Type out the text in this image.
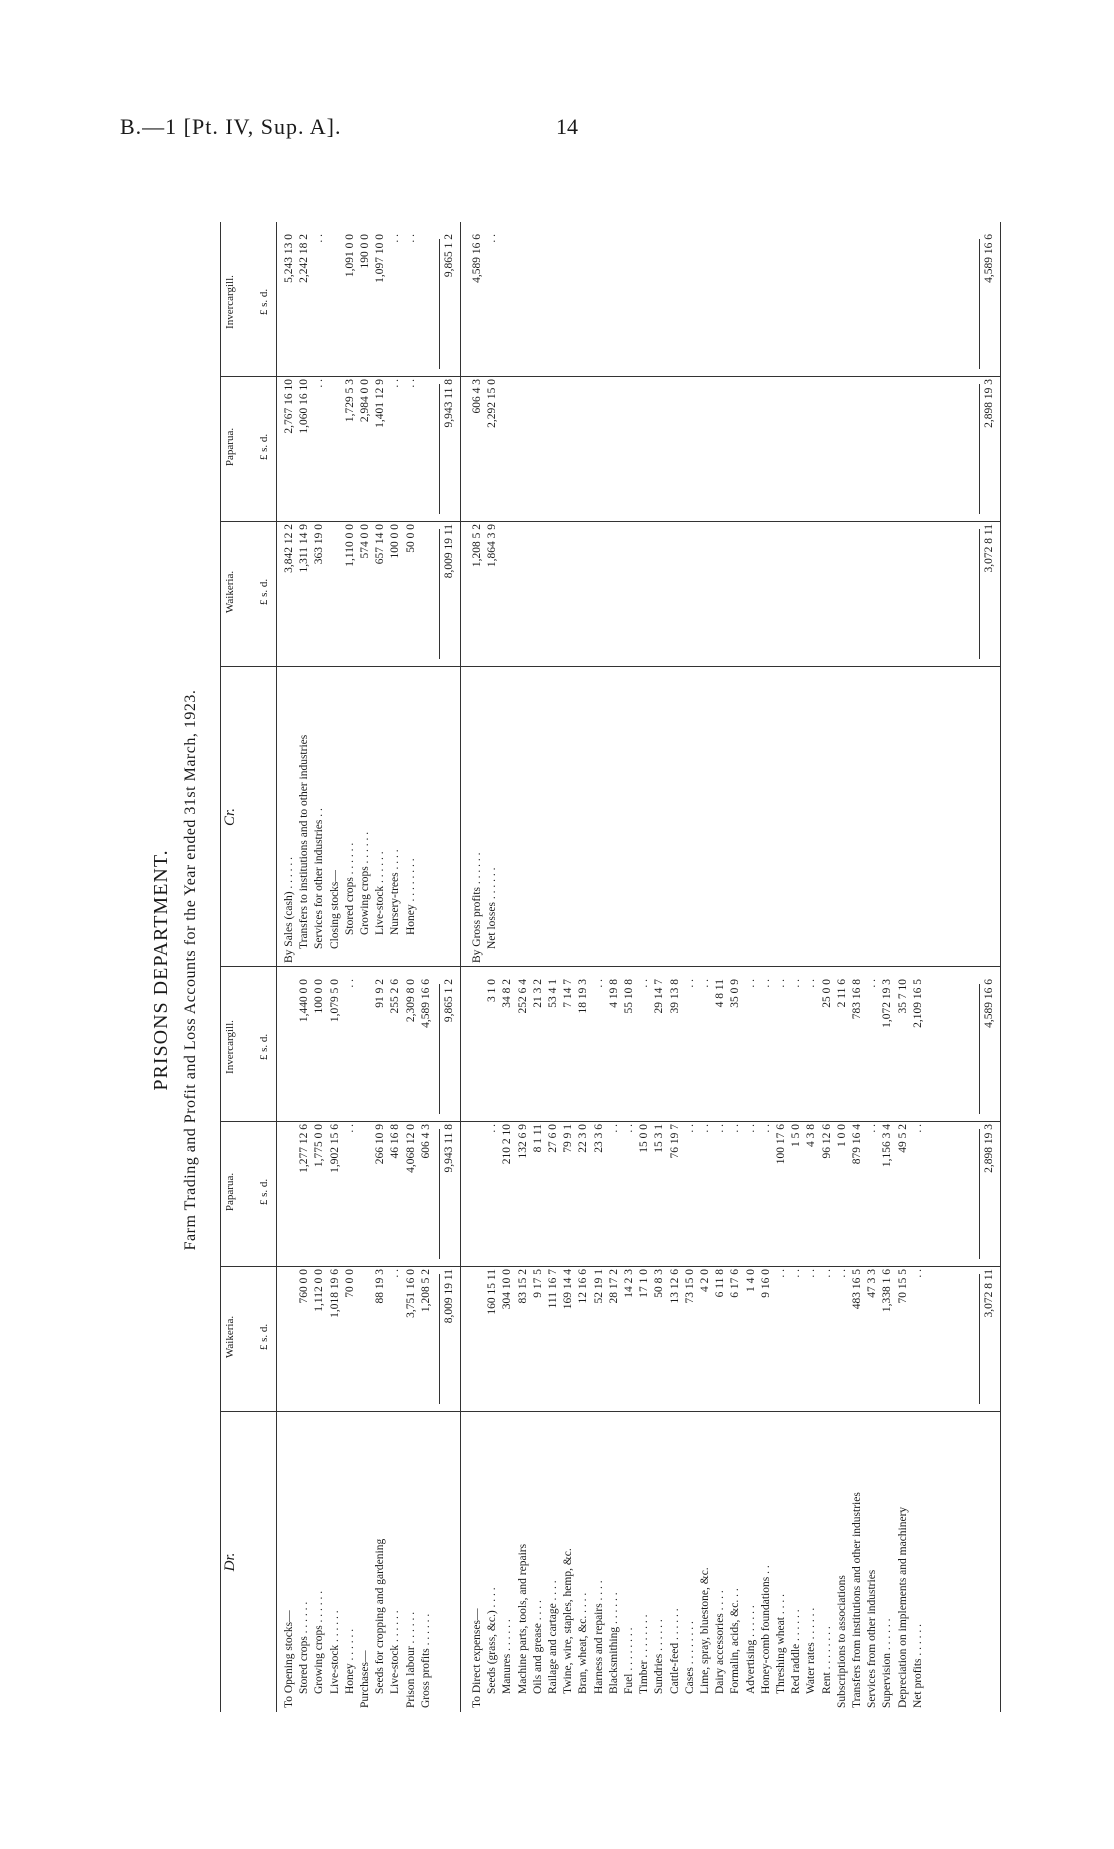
B.—1 [Pt. IV, Sup. A].	14
PRISONS DEPARTMENT. Farm Trading and Profit and Loss Accounts for the Year ended 31st March, 1923.
Dr.
Waikeria.
Paparua.
Invercargill.
£ s. d.
£ s. d.
£ s. d.
To Opening stocks— Stored crops . . . . . .
760 0 0
1,277 12 6
1,440 0 0
Growing crops . . . . . .
1,112 0 0
1,775 0 0
100 0 0
Live-stock . . . . . .
1,018 19 6
1,902 15 6
1,079 5 0
Honey . . . . . .
70 0 0
. .
. .
Purchases— Seeds for cropping and gardening
88 19 3
266 10 9
91 9 2
Live-stock . . . . . .
. .
46 16 8
255 2 6
Prison labour . . . . . .
3,751 16 0
4,068 12 0
2,309 8 0
Gross profits . . . . . .
1,208 5 2
606 4 3
4,589 16 6
8,009 19 11
9,943 11 8
9,865 1 2
To Direct expenses— Seeds (grass, &c.) . . . .
160 15 11
. .
3 1 0
Manures . . . . . .
304 10 0
210 2 10
34 8 2
Machine parts, tools, and repairs
83 15 2
132 6 9
252 6 4
Oils and grease . . . .
9 17 5
8 1 11
21 3 2
Railage and cartage . . . .
111 16 7
27 6 0
53 4 1
Twine, wire, staples, hemp, &c.
169 14 4
79 9 1
7 14 7
Bran, wheat, &c. . . . .
12 16 6
22 3 0
18 19 3
Harness and repairs . . . .
52 19 1
23 3 6
. .
Blacksmithing . . . . . .
28 17 2
. .
4 19 8
Fuel . . . . . . . .
14 2 3
. .
55 10 8
Timber . . . . . . . .
17 1 0
15 0 0
. .
Sundries . . . . . .
50 8 3
15 3 1
29 14 7
Cattle-feed . . . . . .
13 12 6
76 19 7
39 13 8
Cases . . . . . . . .
73 15 0
. .
. .
Lime, spray, bluestone, &c.
4 2 0
. .
. .
Dairy accessories . . . .
6 11 8
. .
4 8 11
Formalin, acids, &c. . .
6 17 6
. .
35 0 9
Advertising . . . . . .
1 4 0
. .
. .
Honey-comb foundations . .
9 16 0
. .
. .
Threshing wheat . . . .
. .
100 17 6
. .
Red raddle . . . . . .
. .
1 5 0
. .
Water rates . . . . . .
. .
4 3 8
. .
Rent . . . . . . . .
. .
96 12 6
25 0 0
Subscriptions to associations
. .
1 0 0
2 11 6
Transfers from institutions and other industries
483 16 5
879 16 4
783 16 8
Services from other industries
47 3 3
. .
. .
Supervision . . . . . .
1,338 1 6
1,156 3 4
1,072 19 3
Depreciation on implements and machinery
70 15 5
49 5 2
35 7 10
Net profits . . . . . .
. .
. .
2,109 16 5
3,072 8 11
2,898 19 3
4,589 16 6
Cr.
Waikeria.
Paparua.
Invercargill.
£ s. d.
£ s. d.
£ s. d.
By Sales (cash) . . . . . .
3,842 12 2
2,767 16 10
5,243 13 0
Transfers to institutions and to other industries
1,311 14 9
1,060 16 10
2,242 18 2
Services for other industries . .
363 19 0
. .
. .
Closing stocks— Stored crops . . . . . .
1,110 0 0
1,729 5 3
1,091 0 0
Growing crops . . . . . .
574 0 0
2,984 0 0
190 0 0
Live-stock . . . . . .
657 14 0
1,401 12 9
1,097 10 0
Nursery-trees . . . .
100 0 0
. .
. .
Honey . . . . . . . .
50 0 0
. .
. .
8,009 19 11
9,943 11 8
9,865 1 2
By Gross profits . . . . . .
1,208 5 2
606 4 3
4,589 16 6
Net losses . . . . . .
1,864 3 9
2,292 15 0
. .
3,072 8 11
2,898 19 3
4,589 16 6
